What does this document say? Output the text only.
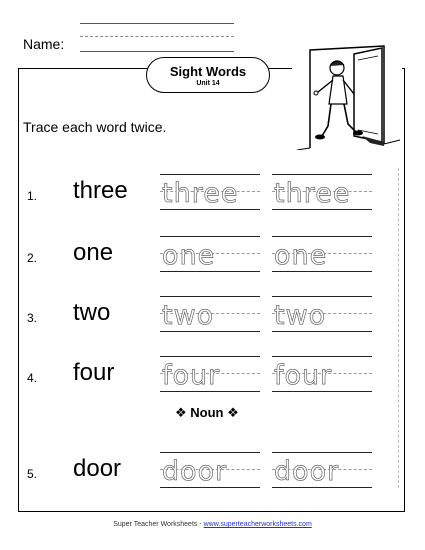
Name:
Sight Words
Unit 14
Trace each word twice.
1. three three three
2. one one one
3. two two two
4. four four four
5. door door door
❖ Noun ❖
Super Teacher Worksheets - www.superteacherworksheets.com
